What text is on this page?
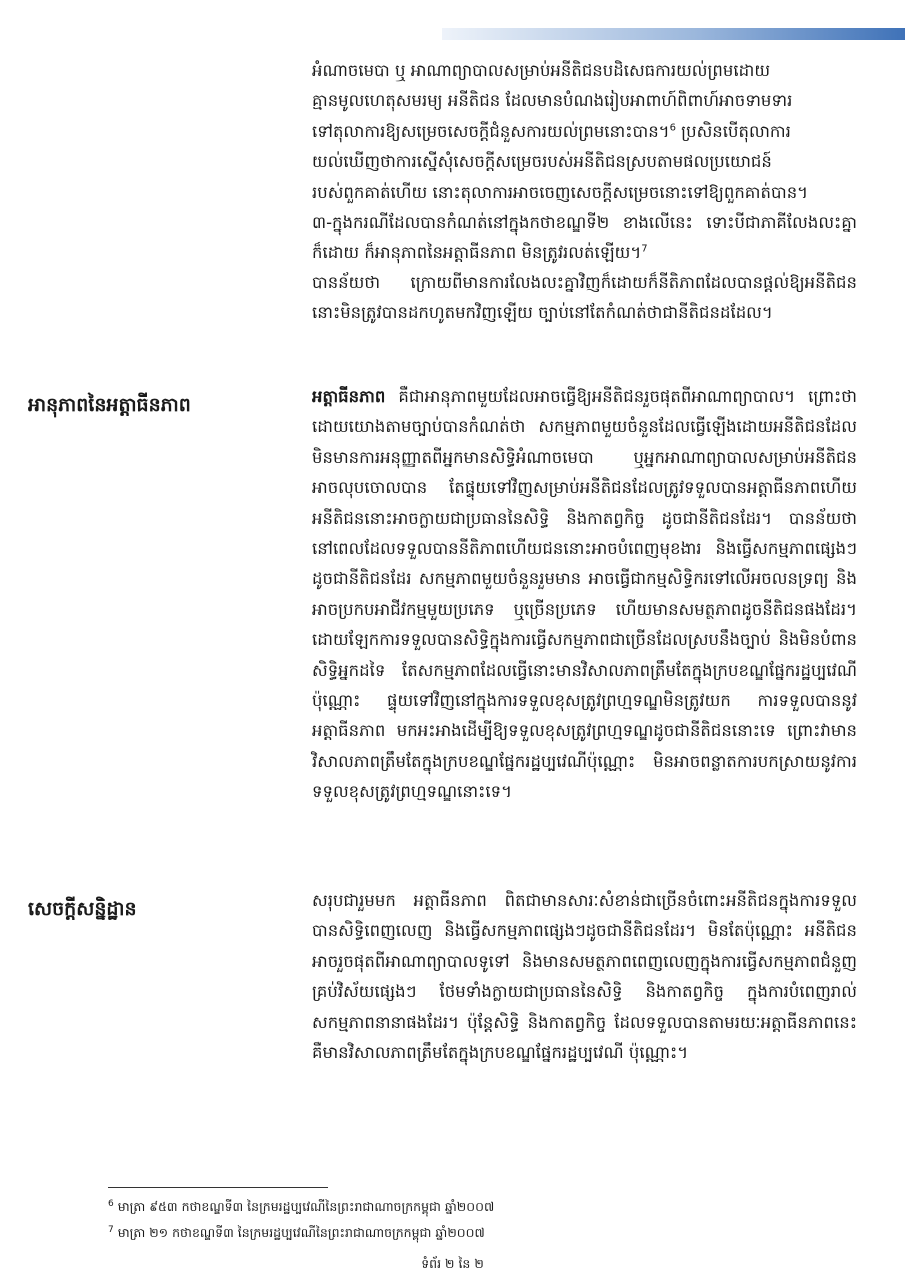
អំណាចមេបា ឬ អាណាព្យាបាលសម្រាប់អនីតិជនបដិសេធការយល់ព្រមដោយ
គ្មានមូលហេតុសមរម្យ អនីតិជន ដែលមានបំណងរៀបអាពាហ៍ពិពាហ៍អាចទាមទារ
ទៅតុលាការឱ្យសម្រេចសេចក្តីជំនួសការយល់ព្រមនោះបាន។$^6$ ប្រសិនបើតុលាការ
យល់ឃើញថាការស្នើសុំសេចក្តីសម្រេចរបស់អនីតិជនស្របតាមផលប្រយោជន៍
របស់ពួកគាត់ហើយ នោះតុលាការអាចចេញសេចក្តីសម្រេចនោះទៅឱ្យពួកគាត់បាន។

៣-ក្នុងករណីដែលបានកំណត់នៅក្នុងកថាខណ្ឌទី២ ខាងលើនេះ ទោះបីជាភាគីលែងលះគ្នាក៏ដោយ ក៏អានុភាពនៃអត្តាធីនភាព មិនត្រូវរលត់ឡើយ។$^7$

បានន័យថា ក្រោយពីមានការលែងលះគ្នាវិញក៏ដោយក៏នីតិភាពដែលបានផ្តល់ឱ្យអនីតិជននោះមិនត្រូវបានដកហូតមកវិញឡើយ ច្បាប់នៅតែកំណត់ថាជានីតិជនដដែល។

អានុភាពនៃអត្តាធីនភាព	អត្តាធីនភាព គឺជាអានុភាពមួយដែលអាចធ្វើឱ្យអនីតិជនរួចផុតពីអាណាព្យាបាល។ ព្រោះថា ដោយយោងតាមច្បាប់បានកំណត់ថា សកម្មភាពមួយចំនួនដែលធ្វើឡើងដោយអនីតិជនដែលមិនមានការអនុញ្ញាតពីអ្នកមានសិទ្ធិអំណាចមេបា ឬអ្នកអាណាព្យាបាលសម្រាប់អនីតិជនអាចលុបចោលបាន តែផ្ទុយទៅវិញសម្រាប់អនីតិជនដែលត្រូវទទួលបានអត្តាធីនភាពហើយអនីតិជននោះអាចក្លាយជាប្រធាននៃសិទ្ធិ និងកាតព្វកិច្ច ដូចជានីតិជនដែរ។ បានន័យថា នៅពេលដែលទទួលបាននីតិភាពហើយជននោះអាចបំពេញមុខងារ និងធ្វើសកម្មភាពផ្សេងៗដូចជានីតិជនដែរ សកម្មភាពមួយចំនួនរួមមាន អាចធ្វើជាកម្មសិទ្ធិករទៅលើអចលនទ្រព្យ និងអាចប្រកបអាជីវកម្មមួយប្រភេទ ឬច្រើនប្រភេទ ហើយមានសមត្ថភាពដូចនីតិជនផងដែរ។ ដោយឡែកការទទួលបានសិទ្ធិក្នុងការធ្វើសកម្មភាពជាច្រើនដែលស្របនឹងច្បាប់ និងមិនបំពានសិទ្ធិអ្នកដទៃ តែសកម្មភាពដែលធ្វើនោះមានវិសាលភាពត្រឹមតែក្នុងក្របខណ្ឌផ្នែករដ្ឋប្បវេណីប៉ុណ្ណោះ ផ្ទុយទៅវិញនៅក្នុងការទទួលខុសត្រូវព្រហ្មទណ្ឌមិនត្រូវយក ការទទួលបាននូវអត្តាធីនភាព មកអះអាងដើម្បីឱ្យទទួលខុសត្រូវព្រហ្មទណ្ឌដូចជានីតិជននោះទេ ព្រោះវាមានវិសាលភាពត្រឹមតែក្នុងក្របខណ្ឌផ្នែករដ្ឋប្បវេណីប៉ុណ្ណោះ មិនអាចពន្លាតការបកស្រាយនូវការទទួលខុសត្រូវព្រហ្មទណ្ឌនោះទេ។

សេចក្តីសន្និដ្ឋាន	សរុបជារួមមក អត្តាធីនភាព ពិតជាមានសារៈសំខាន់ជាច្រើនចំពោះអនីតិជនក្នុងការទទួលបានសិទ្ធិពេញលេញ និងធ្វើសកម្មភាពផ្សេងៗដូចជានីតិជនដែរ។ មិនតែប៉ុណ្ណោះ អនីតិជនអាចរួចផុតពីអាណាព្យាបាលទូទៅ និងមានសមត្ថភាពពេញលេញក្នុងការធ្វើសកម្មភាពជំនួញគ្រប់វិស័យផ្សេងៗ ថែមទាំងក្លាយជាប្រធាននៃសិទ្ធិ និងកាតព្វកិច្ច ក្នុងការបំពេញរាល់សកម្មភាពនានាផងដែរ។ ប៉ុន្តែសិទ្ធិ និងកាតព្វកិច្ច ដែលទទួលបានតាមរយៈអត្តាធីនភាពនេះ គឺមានវិសាលភាពត្រឹមតែក្នុងក្របខណ្ឌផ្នែករដ្ឋប្បវេណី ប៉ុណ្ណោះ។

$^6$ មាត្រា ៩៥៣ កថាខណ្ឌទី៣ នៃក្រមរដ្ឋប្បវេណីនៃព្រះរាជាណាចក្រកម្ពុជា ឆ្នាំ២០០៧

$^7$ មាត្រា ២១ កថាខណ្ឌទី៣ នៃក្រមរដ្ឋប្បវេណីនៃព្រះរាជាណាចក្រកម្ពុជា ឆ្នាំ២០០៧

ទំព័រ ២ នៃ ២
